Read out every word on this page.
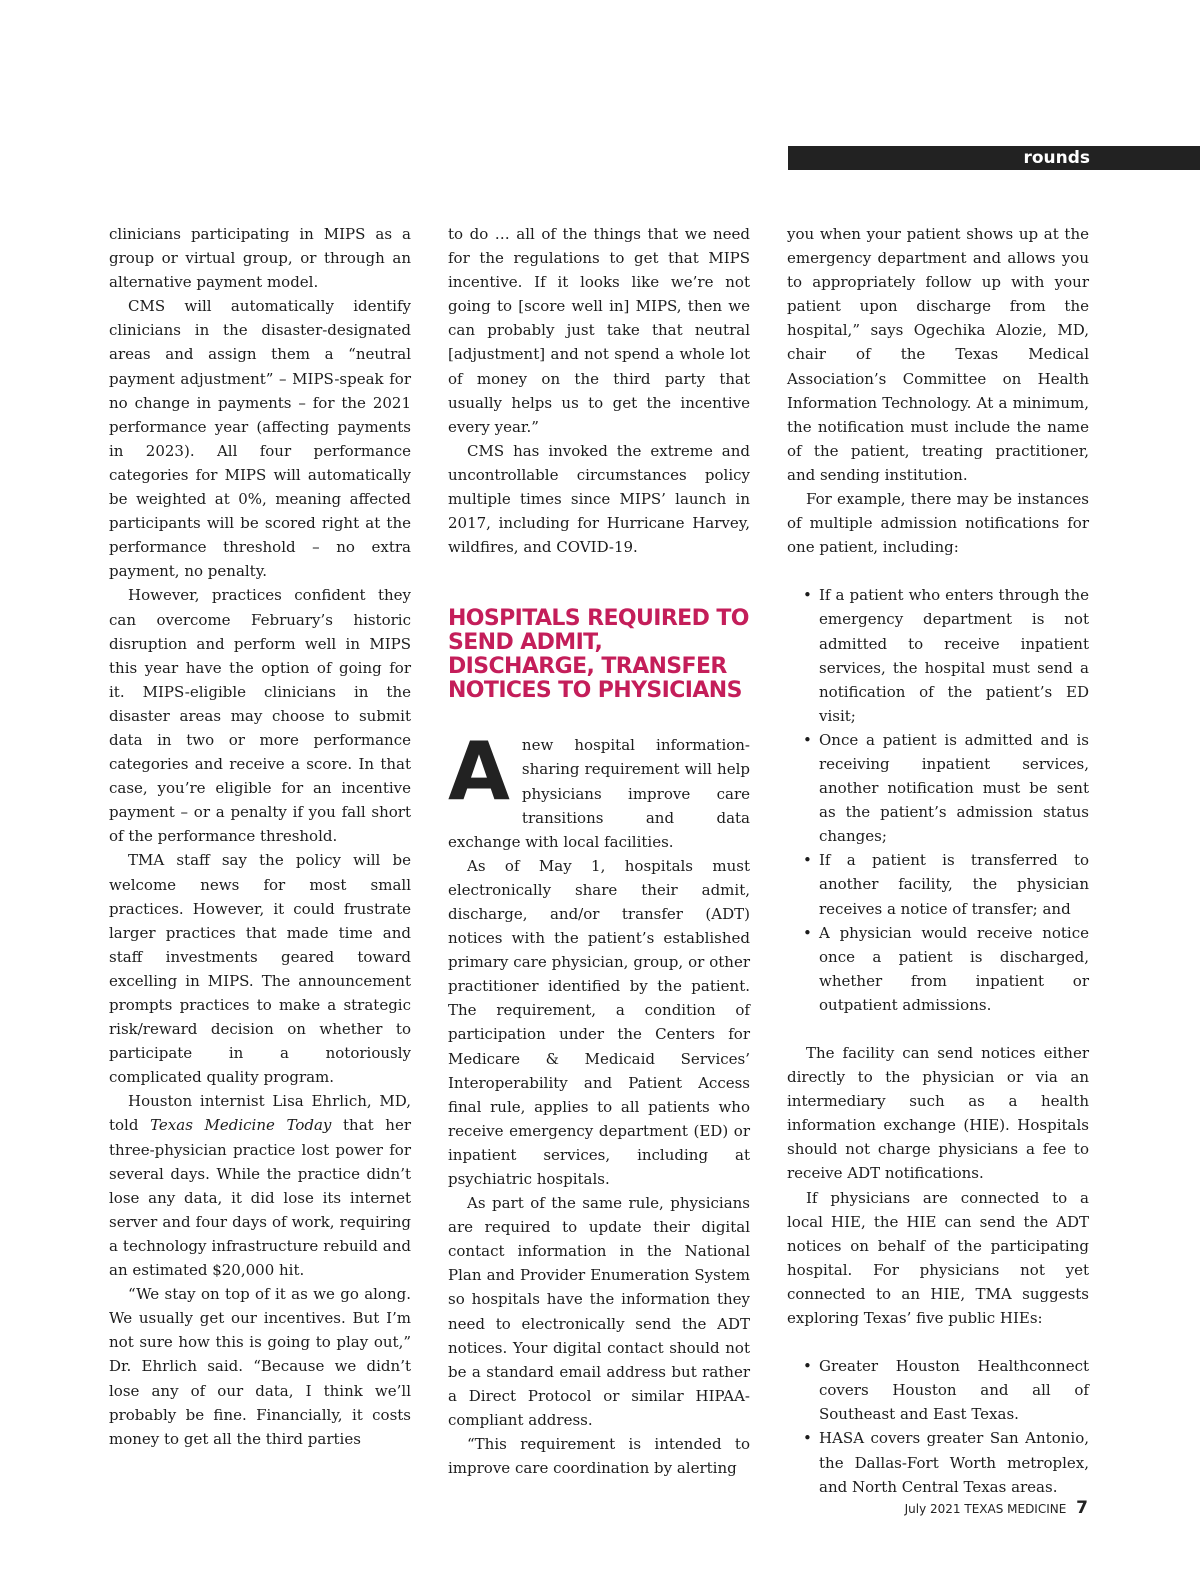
rounds

clinicians participating in MIPS as a group or virtual group, or through an alternative payment model.

CMS will automatically identify clinicians in the disaster-designated areas and assign them a “neutral payment adjustment” – MIPS-speak for no change in payments – for the 2021 performance year (affecting payments in 2023). All four performance categories for MIPS will automatically be weighted at 0%, meaning affected participants will be scored right at the performance threshold – no extra payment, no penalty.

However, practices confident they can overcome February’s historic disruption and perform well in MIPS this year have the option of going for it. MIPS-eligible clinicians in the disaster areas may choose to submit data in two or more performance categories and receive a score. In that case, you’re eligible for an incentive payment – or a penalty if you fall short of the performance threshold.

TMA staff say the policy will be welcome news for most small practices. However, it could frustrate larger practices that made time and staff investments geared toward excelling in MIPS. The announcement prompts practices to make a strategic risk/reward decision on whether to participate in a notoriously complicated quality program.

Houston internist Lisa Ehrlich, MD, told Texas Medicine Today that her three-physician practice lost power for several days. While the practice didn’t lose any data, it did lose its internet server and four days of work, requiring a technology infrastructure rebuild and an estimated $20,000 hit.

“We stay on top of it as we go along. We usually get our incentives. But I’m not sure how this is going to play out,” Dr. Ehrlich said. “Because we didn’t lose any of our data, I think we’ll probably be fine. Financially, it costs money to get all the third parties

to do … all of the things that we need for the regulations to get that MIPS incentive. If it looks like we’re not going to [score well in] MIPS, then we can probably just take that neutral [adjustment] and not spend a whole lot of money on the third party that usually helps us to get the incentive every year.”

CMS has invoked the extreme and uncontrollable circumstances policy multiple times since MIPS’ launch in 2017, including for Hurricane Harvey, wildfires, and COVID-19.

HOSPITALS REQUIRED TO SEND ADMIT, DISCHARGE, TRANSFER NOTICES TO PHYSICIANS

Anew hospital information-sharing requirement will help physicians improve care transitions and data exchange with local facilities.

As of May 1, hospitals must electronically share their admit, discharge, and/or transfer (ADT) notices with the patient’s established primary care physician, group, or other practitioner identified by the patient. The requirement, a condition of participation under the Centers for Medicare & Medicaid Services’ Interoperability and Patient Access final rule, applies to all patients who receive emergency department (ED) or inpatient services, including at psychiatric hospitals.

As part of the same rule, physicians are required to update their digital contact information in the National Plan and Provider Enumeration System so hospitals have the information they need to electronically send the ADT notices. Your digital contact should not be a standard email address but rather a Direct Protocol or similar HIPAA-compliant address.

“This requirement is intended to improve care coordination by alerting

you when your patient shows up at the emergency department and allows you to appropriately follow up with your patient upon discharge from the hospital,” says Ogechika Alozie, MD, chair of the Texas Medical Association’s Committee on Health Information Technology. At a minimum, the notification must include the name of the patient, treating practitioner, and sending institution.

For example, there may be instances of multiple admission notifications for one patient, including:

• If a patient who enters through the emergency department is not admitted to receive inpatient services, the hospital must send a notification of the patient’s ED visit;
• Once a patient is admitted and is receiving inpatient services, another notification must be sent as the patient’s admission status changes;
• If a patient is transferred to another facility, the physician receives a notice of transfer; and
• A physician would receive notice once a patient is discharged, whether from inpatient or outpatient admissions.

The facility can send notices either directly to the physician or via an intermediary such as a health information exchange (HIE). Hospitals should not charge physicians a fee to receive ADT notifications.

If physicians are connected to a local HIE, the HIE can send the ADT notices on behalf of the participating hospital. For physicians not yet connected to an HIE, TMA suggests exploring Texas’ five public HIEs:

• Greater Houston Healthconnect covers Houston and all of Southeast and East Texas.
• HASA covers greater San Antonio, the Dallas-Fort Worth metroplex, and North Central Texas areas.
July 2021 TEXAS MEDICINE 7
